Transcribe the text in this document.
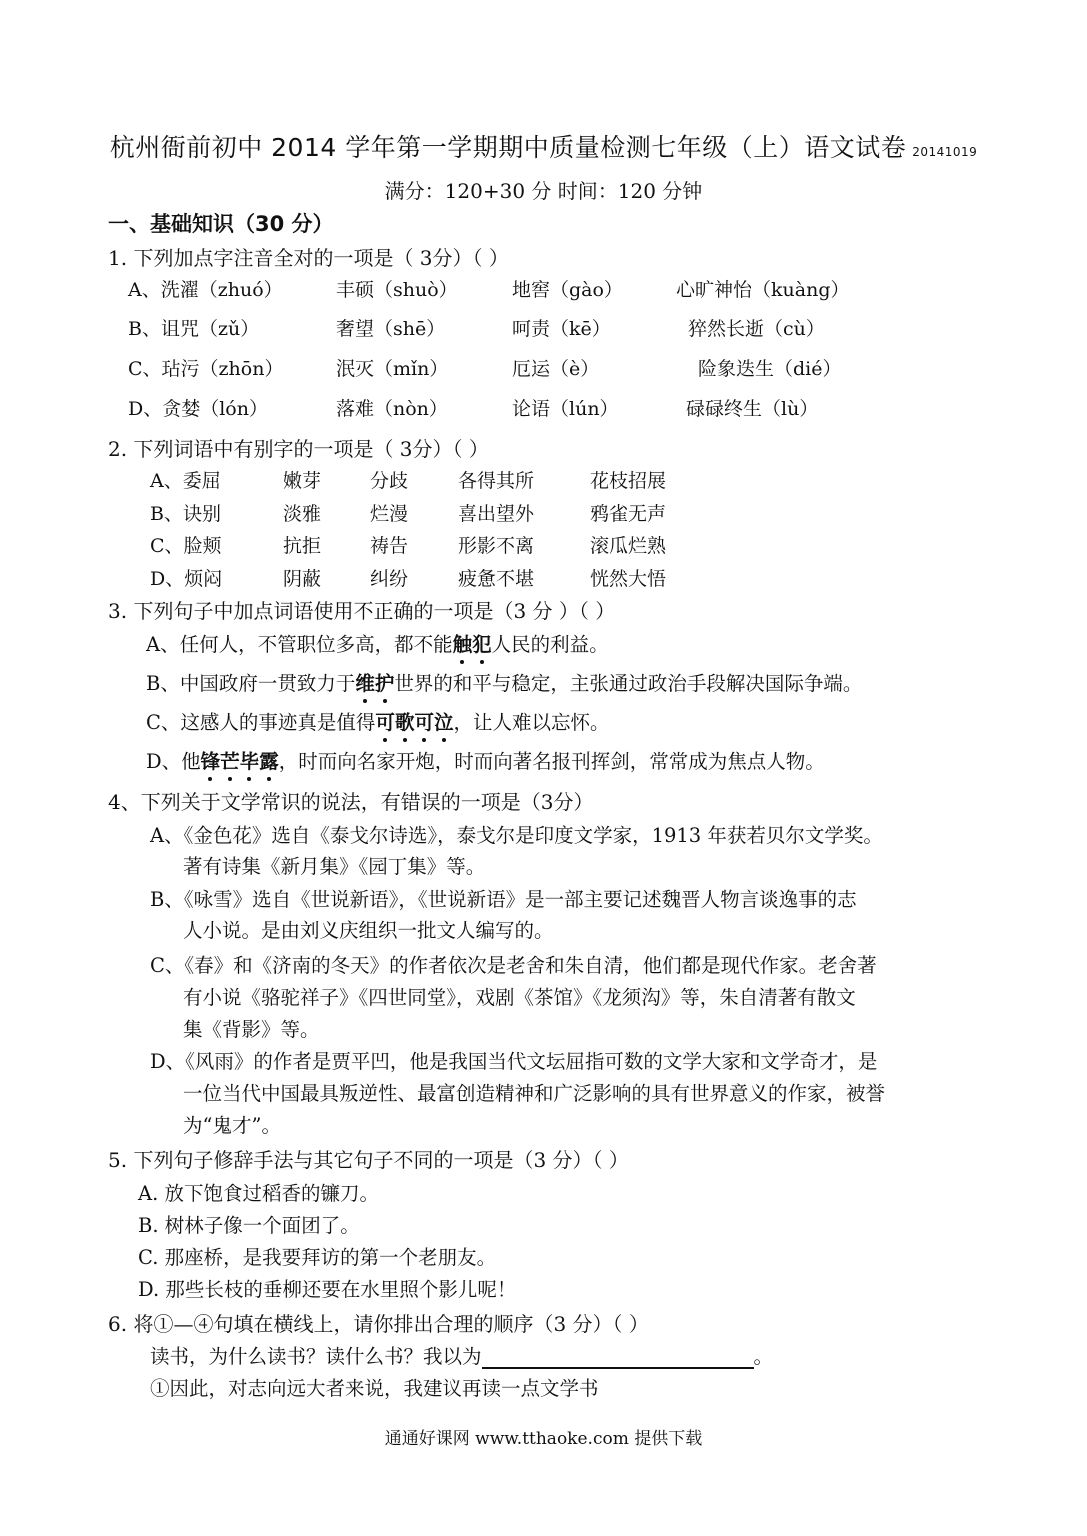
杭州衙前初中 2014 学年第一学期期中质量检测七年级（上）语文试卷 20141019
满分：120+30 分 时间：120 分钟
一、基础知识（30 分）
1. 下列加点字注音全对的一项是（ 3分）（ ）
A、洗濯（zhuó）	丰硕（shuò）	地窖（gào）	心旷神怡（kuàng）
B、诅咒（zǔ）	奢望（shē）	呵责（kē）	猝然长逝（cù）
C、玷污（zhōn）	泯灭（mǐn）	厄运（è）	险象迭生（dié）
D、贪婪（lón）	落难（nòn）	论语（lún）	碌碌终生（lù）
2. 下列词语中有别字的一项是（ 3分）（ ）
A、委屈	嫩芽	分歧	各得其所	花枝招展
B、诀别	淡雅	烂漫	喜出望外	鸦雀无声
C、脸颊	抗拒	祷告	形影不离	滚瓜烂熟
D、烦闷	阴蔽	纠纷	疲惫不堪	恍然大悟
3. 下列句子中加点词语使用不正确的一项是（3 分 ）（ ）
A、任何人，不管职位多高，都不能触犯人民的利益。
B、中国政府一贯致力于维护世界的和平与稳定，主张通过政治手段解决国际争端。
C、这感人的事迹真是值得可歌可泣，让人难以忘怀。
D、他锋芒毕露，时而向名家开炮，时而向著名报刊挥剑，常常成为焦点人物。
4、下列关于文学常识的说法，有错误的一项是（3分）
A、《金色花》选自《泰戈尔诗选》，泰戈尔是印度文学家，1913 年获若贝尔文学奖。
著有诗集《新月集》《园丁集》等。
B、《咏雪》选自《世说新语》，《世说新语》是一部主要记述魏晋人物言谈逸事的志
人小说。是由刘义庆组织一批文人编写的。
C、《春》和《济南的冬天》的作者依次是老舍和朱自清，他们都是现代作家。老舍著
有小说《骆驼祥子》《四世同堂》，戏剧《茶馆》《龙须沟》等，朱自清著有散文
集《背影》等。
D、《风雨》的作者是贾平凹，他是我国当代文坛屈指可数的文学大家和文学奇才，是
一位当代中国最具叛逆性、最富创造精神和广泛影响的具有世界意义的作家，被誉
为“鬼才”。
5. 下列句子修辞手法与其它句子不同的一项是（3 分）（ ）
A. 放下饱食过稻香的镰刀。
B. 树林子像一个面团了。
C. 那座桥，是我要拜访的第一个老朋友。
D. 那些长枝的垂柳还要在水里照个影儿呢！
6. 将①—④句填在横线上，请你排出合理的顺序（3 分）（ ）
读书，为什么读书？读什么书？我以为	。
①因此，对志向远大者来说，我建议再读一点文学书
通通好课网 www.tthaoke.com 提供下载
